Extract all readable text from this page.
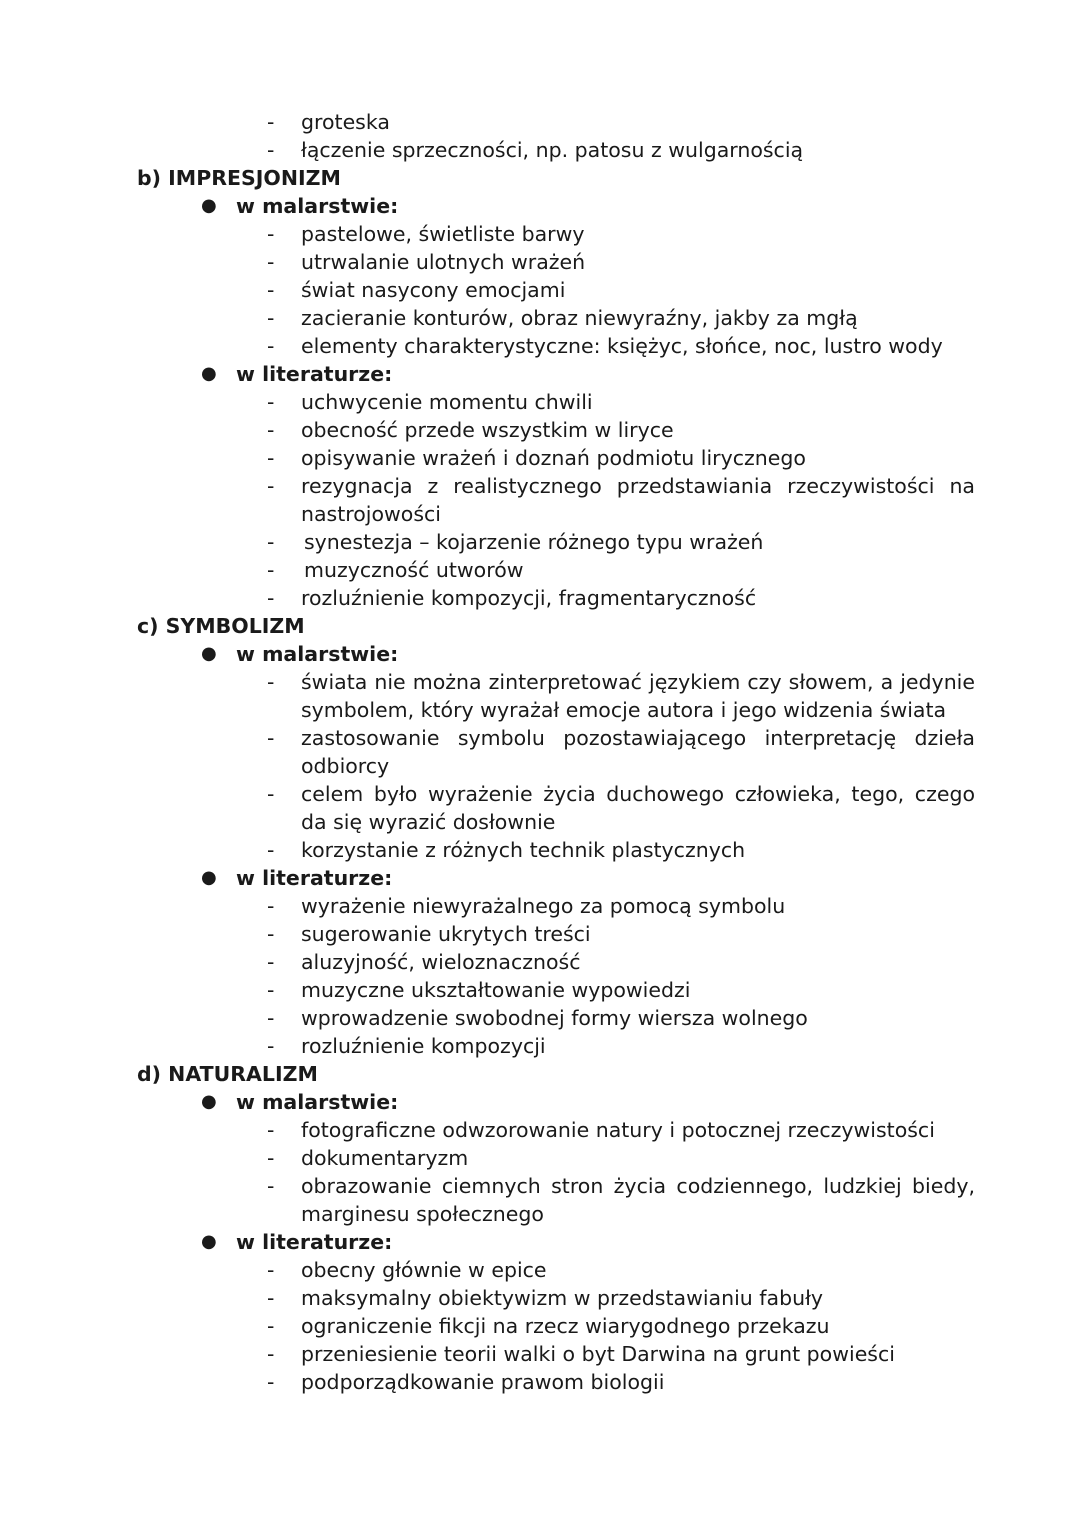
- groteska
- łączenie sprzeczności, np. patosu z wulgarnością
b) IMPRESJONIZM
● w malarstwie:
- pastelowe, świetliste barwy
- utrwalanie ulotnych wrażeń
- świat nasycony emocjami
- zacieranie konturów, obraz niewyraźny, jakby za mgłą
- elementy charakterystyczne: księżyc, słońce, noc, lustro wody
● w literaturze:
- uchwycenie momentu chwili
- obecność przede wszystkim w liryce
- opisywanie wrażeń i doznań podmiotu lirycznego
- rezygnacja z realistycznego przedstawiania rzeczywistości na
nastrojowości
- synestezja – kojarzenie różnego typu wrażeń
- muzyczność utworów
- rozluźnienie kompozycji, fragmentaryczność
c) SYMBOLIZM
● w malarstwie:
- świata nie można zinterpretować językiem czy słowem, a jedynie
symbolem, który wyrażał emocje autora i jego widzenia świata
- zastosowanie symbolu pozostawiającego interpretację dzieła
odbiorcy
- celem było wyrażenie życia duchowego człowieka, tego, czego
da się wyrazić dosłownie
- korzystanie z różnych technik plastycznych
● w literaturze:
- wyrażenie niewyrażalnego za pomocą symbolu
- sugerowanie ukrytych treści
- aluzyjność, wieloznaczność
- muzyczne ukształtowanie wypowiedzi
- wprowadzenie swobodnej formy wiersza wolnego
- rozluźnienie kompozycji
d) NATURALIZM
● w malarstwie:
- fotograficzne odwzorowanie natury i potocznej rzeczywistości
- dokumentaryzm
- obrazowanie ciemnych stron życia codziennego, ludzkiej biedy,
marginesu społecznego
● w literaturze:
- obecny głównie w epice
- maksymalny obiektywizm w przedstawianiu fabuły
- ograniczenie fikcji na rzecz wiarygodnego przekazu
- przeniesienie teorii walki o byt Darwina na grunt powieści
- podporządkowanie prawom biologii
